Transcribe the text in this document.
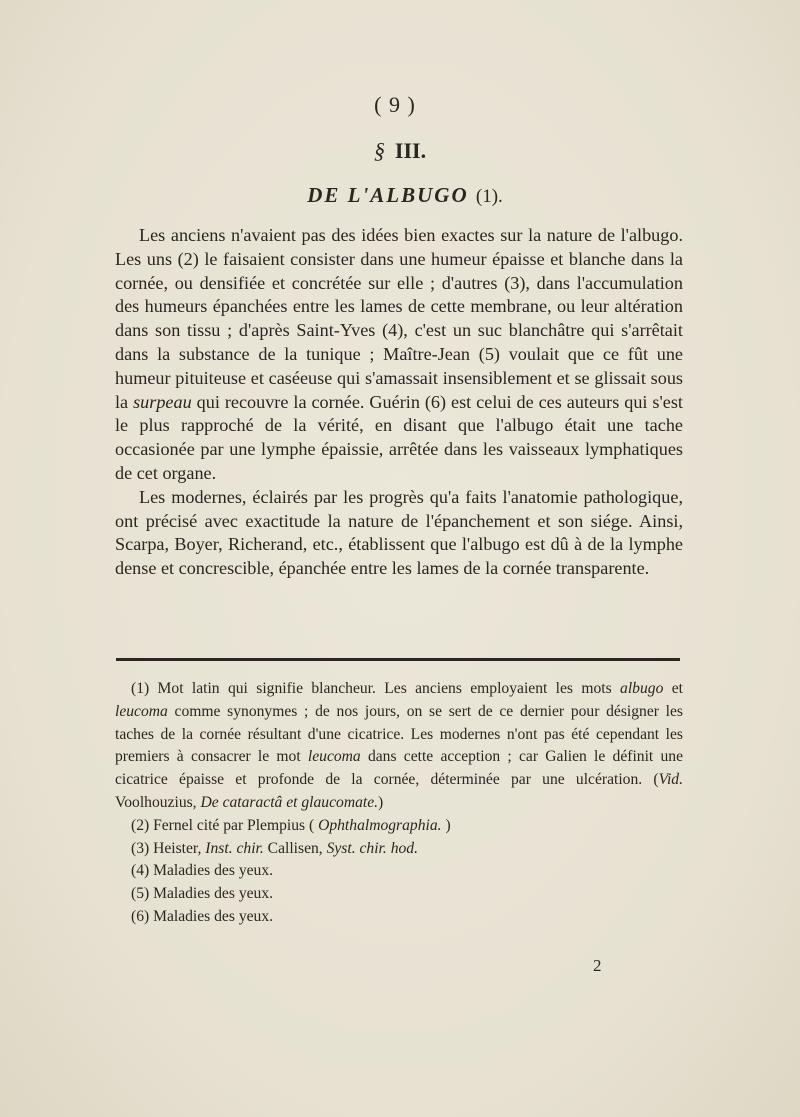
( 9 )
§ III.
DE L'ALBUGO (1).

Les anciens n'avaient pas des idées bien exactes sur la nature de l'albugo. Les uns (2) le faisaient consister dans une humeur épaisse et blanche dans la cornée, ou densifiée et concrétée sur elle ; d'autres (3), dans l'accumulation des humeurs épanchées entre les lames de cette membrane, ou leur altération dans son tissu ; d'après Saint-Yves (4), c'est un suc blanchâtre qui s'arrêtait dans la substance de la tunique ; Maître-Jean (5) voulait que ce fût une humeur pituiteuse et caséeuse qui s'amassait insensiblement et se glissait sous la surpeau qui recouvre la cornée. Guérin (6) est celui de ces auteurs qui s'est le plus rapproché de la vérité, en disant que l'albugo était une tache occasionée par une lymphe épaissie, arrêtée dans les vaisseaux lymphatiques de cet organe.

Les modernes, éclairés par les progrès qu'a faits l'anatomie pathologique, ont précisé avec exactitude la nature de l'épanchement et son siége. Ainsi, Scarpa, Boyer, Richerand, etc., établissent que l'albugo est dû à de la lymphe dense et concrescible, épanchée entre les lames de la cornée transparente.

(1) Mot latin qui signifie blancheur. Les anciens employaient les mots albugo et leucoma comme synonymes ; de nos jours, on se sert de ce dernier pour désigner les taches de la cornée résultant d'une cicatrice. Les modernes n'ont pas été cependant les premiers à consacrer le mot leucoma dans cette acception ; car Galien le définit une cicatrice épaisse et profonde de la cornée, déterminée par une ulcération. (Vid. Voolhouzius, De cataractâ et glaucomate.)

(2) Fernel cité par Plempius ( Ophthalmographia. )

(3) Heister, Inst. chir. Callisen, Syst. chir. hod.

(4) Maladies des yeux.

(5) Maladies des yeux.

(6) Maladies des yeux.

2
